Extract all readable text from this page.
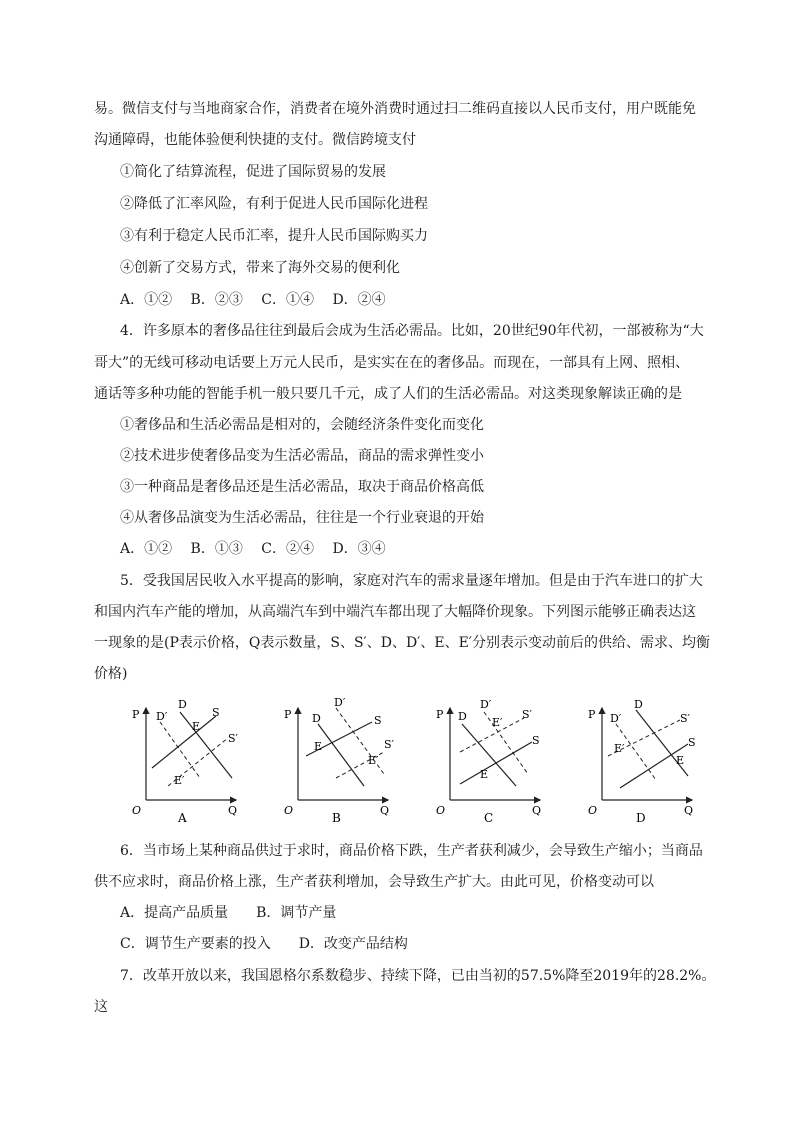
易。微信支付与当地商家合作，消费者在境外消费时通过扫二维码直接以人民币支付，用户既能免
沟通障碍，也能体验便利快捷的支付。微信跨境支付
①简化了结算流程，促进了国际贸易的发展
②降低了汇率风险，有利于促进人民币国际化进程
③有利于稳定人民币汇率，提升人民币国际购买力
④创新了交易方式，带来了海外交易的便利化
A．①②　 B．②③　 C．①④　 D．②④
4．许多原本的奢侈品往往到最后会成为生活必需品。比如，20世纪90年代初，一部被称为“大
哥大”的无线可移动电话要上万元人民币，是实实在在的奢侈品。而现在，一部具有上网、照相、
通话等多种功能的智能手机一般只要几千元，成了人们的生活必需品。对这类现象解读正确的是
①奢侈品和生活必需品是相对的，会随经济条件变化而变化
②技术进步使奢侈品变为生活必需品，商品的需求弹性变小
③一种商品是奢侈品还是生活必需品，取决于商品价格高低
④从奢侈品演变为生活必需品，往往是一个行业衰退的开始
A．①②　 B．①③　 C．②④　 D．③④
5．受我国居民收入水平提高的影响，家庭对汽车的需求量逐年增加。但是由于汽车进口的扩大
和国内汽车产能的增加，从高端汽车到中端汽车都出现了大幅降价现象。下列图示能够正确表达这
一现象的是(P表示价格，Q表示数量，S、S′、D、D′、E、E′分别表示变动前后的供给、需求、均衡
价格)
P
Q
O
D
D′
E
S
S′
E′
A
P
Q
O
D′
D	S
E	S′
E′
B
P
Q
O
D
D′
E′
S′
S
E
C
P
Q
O
D
D′	S′
E′	S
E
D
6．当市场上某种商品供过于求时，商品价格下跌，生产者获利减少，会导致生产缩小；当商品
供不应求时，商品价格上涨，生产者获利增加，会导致生产扩大。由此可见，价格变动可以
A．提高产品质量　　B．调节产量
C．调节生产要素的投入　　D．改变产品结构
7．改革开放以来，我国恩格尔系数稳步、持续下降，已由当初的57.5%降至2019年的28.2%。
这
